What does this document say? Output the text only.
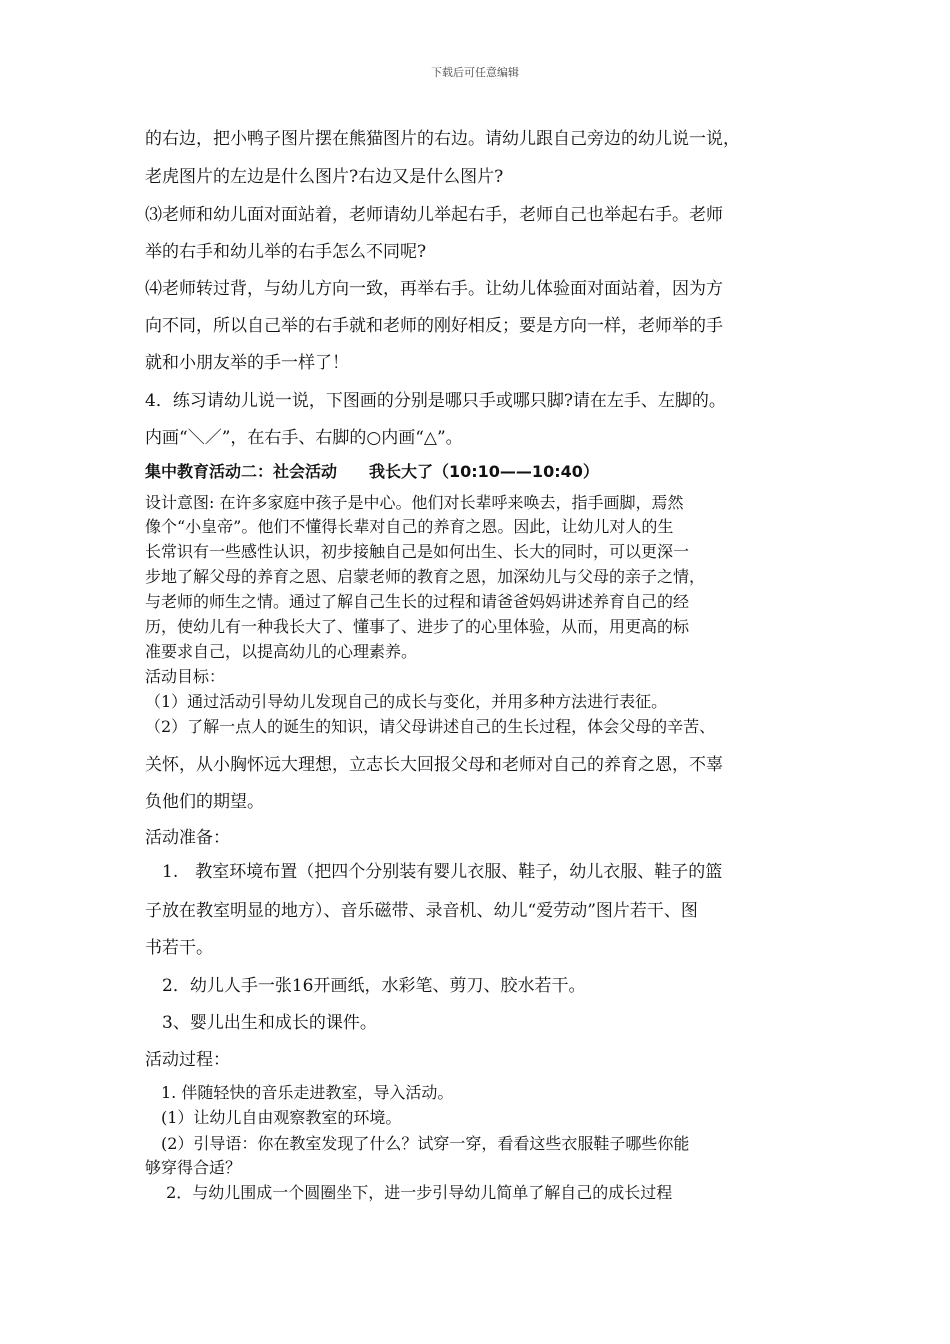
下载后可任意编辑
的右边，把小鸭子图片摆在熊猫图片的右边。请幼儿跟自己旁边的幼儿说一说，
老虎图片的左边是什么图片?右边又是什么图片?
⑶老师和幼儿面对面站着，老师请幼儿举起右手，老师自己也举起右手。老师
举的右手和幼儿举的右手怎么不同呢?
⑷老师转过背，与幼儿方向一致，再举右手。让幼儿体验面对面站着，因为方
向不同，所以自己举的右手就和老师的刚好相反；要是方向一样，老师举的手
就和小朋友举的手一样了！
4．练习请幼儿说一说，下图画的分别是哪只手或哪只脚?请在左手、左脚的。
内画“＼／”，在右手、右脚的○内画“△”。
集中教育活动二：社会活动　　我长大了（10:10——10:40）
设计意图: 在许多家庭中孩子是中心。他们对长辈呼来唤去，指手画脚，焉然
像个“小皇帝”。他们不懂得长辈对自己的养育之恩。因此，让幼儿对人的生
长常识有一些感性认识，初步接触自己是如何出生、长大的同时，可以更深一
步地了解父母的养育之恩、启蒙老师的教育之恩，加深幼儿与父母的亲子之情，
与老师的师生之情。通过了解自己生长的过程和请爸爸妈妈讲述养育自己的经
历，使幼儿有一种我长大了、懂事了、进步了的心里体验，从而，用更高的标
准要求自己，以提高幼儿的心理素养。
活动目标：
（1）通过活动引导幼儿发现自己的成长与变化，并用多种方法进行表征。
（2）了解一点人的诞生的知识，请父母讲述自己的生长过程，体会父母的辛苦、
关怀，从小胸怀远大理想，立志长大回报父母和老师对自己的养育之恩，不辜
负他们的期望。
活动准备：
　1.　教室环境布置（把四个分别装有婴儿衣服、鞋子，幼儿衣服、鞋子的篮
子放在教室明显的地方）、音乐磁带、录音机、幼儿“爱劳动”图片若干、图
书若干。
　2．幼儿人手一张16开画纸，水彩笔、剪刀、胶水若干。
　3、婴儿出生和成长的课件。
活动过程：
　1. 伴随轻快的音乐走进教室，导入活动。
　(1）让幼儿自由观察教室的环境。
　(2）引导语：你在教室发现了什么？试穿一穿，看看这些衣服鞋子哪些你能
够穿得合适？
　 2．与幼儿围成一个圆圈坐下，进一步引导幼儿简单了解自己的成长过程
